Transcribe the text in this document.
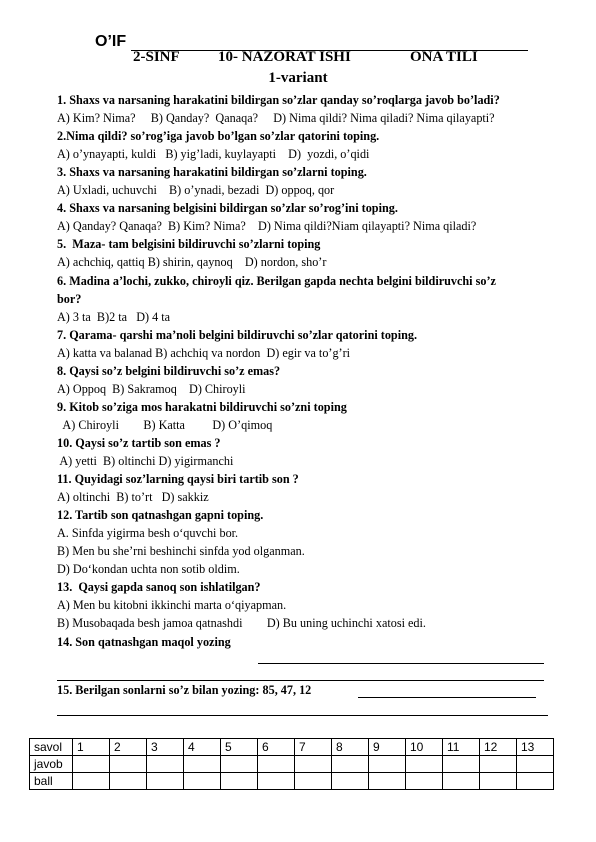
O’IF
2-SINF	10- NAZORAT ISHI	ONA TILI
1-variant
1. Shaxs va narsaning harakatini bildirgan so’zlar qanday so’roqlarga javob bo’ladi?
A) Kim? Nima?     B) Qanday?  Qanaqa?     D) Nima qildi? Nima qiladi? Nima qilayapti?
2.Nima qildi? so’rog’iga javob bo’lgan so’zlar qatorini toping.
A) o’ynayapti, kuldi   B) yig’ladi, kuylayapti    D)  yozdi, o’qidi
3. Shaxs va narsaning harakatini bildirgan so’zlarni toping.
A) Uxladi, uchuvchi    B) o’ynadi, bezadi  D) oppoq, qor
4. Shaxs va narsaning belgisini bildirgan so’zlar so’rog’ini toping.
A) Qanday? Qanaqa?  B) Kim? Nima?    D) Nima qildi?Niam qilayapti? Nima qiladi?
5.  Maza- tam belgisini bildiruvchi so’zlarni toping
A) achchiq, qattiq B) shirin, qaynoq    D) nordon, sho’r
6. Madina a’lochi, zukko, chiroyli qiz. Berilgan gapda nechta belgini bildiruvchi so’z
bor?
A) 3 ta  B)2 ta   D) 4 ta
7. Qarama- qarshi ma’noli belgini bildiruvchi so’zlar qatorini toping.
A) katta va balanad B) achchiq va nordon  D) egir va to’g’ri
8. Qaysi so’z belgini bildiruvchi so’z emas?
A) Oppoq  B) Sakramoq    D) Chiroyli
9. Kitob so’ziga mos harakatni bildiruvchi so’zni toping
A) Chiroyli        B) Katta         D) O’qimoq
10. Qaysi so’z tartib son emas ?
A) yetti  B) oltinchi D) yigirmanchi
11. Quyidagi soz’larning qaysi biri tartib son ?
A) oltinchi  B) to’rt   D) sakkiz
12. Tartib son qatnashgan gapni toping.
A. Sinfda yigirma besh o‘quvchi bor.
B) Men bu she’rni beshinchi sinfda yod olganman.
D) Do‘kondan uchta non sotib oldim.
13.  Qaysi gapda sanoq son ishlatilgan?
A) Men bu kitobni ikkinchi marta o‘qiyapman.
B) Musobaqada besh jamoa qatnashdi        D) Bu uning uchinchi xatosi edi.
14. Son qatnashgan maqol yozing
15. Berilgan sonlarni so’z bilan yozing: 85, 47, 12
savol	1	2	3	4	5	6	7	8	9	10	11	12	13
javob													
ball													
